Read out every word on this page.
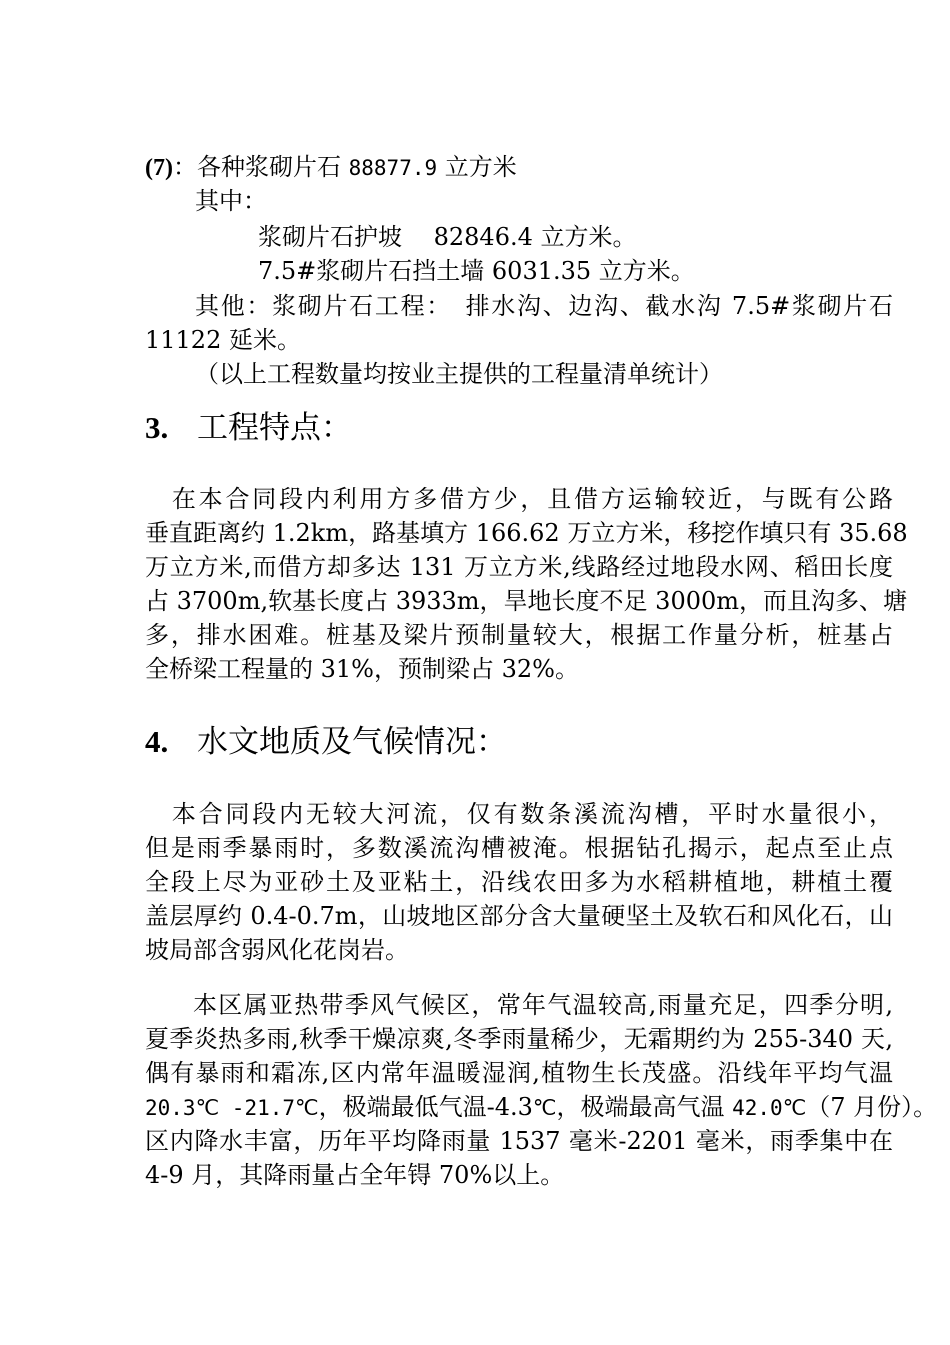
(7)：各种浆砌片石 88877.9 立方米
其中：
浆砌片石护坡　 82846.4 立方米。
7.5#浆砌片石挡土墙 6031.35 立方米。
其他：浆砌片石工程：　排水沟、边沟、截水沟 7.5#浆砌片石
11122 延米。
（以上工程数量均按业主提供的工程量清单统计）
3. 工程特点：
　在本合同段内利用方多借方少，且借方运输较近，与既有公路
垂直距离约 1.2km，路基填方 166.62 万立方米，移挖作填只有 35.68
万立方米,而借方却多达 131 万立方米,线路经过地段水网、稻田长度
占 3700m,软基长度占 3933m，旱地长度不足 3000m，而且沟多、塘
多，排水困难。桩基及梁片预制量较大，根据工作量分析，桩基占
全桥梁工程量的 31%，预制梁占 32%。
4. 水文地质及气候情况：
　本合同段内无较大河流，仅有数条溪流沟槽，平时水量很小，
但是雨季暴雨时，多数溪流沟槽被淹。根据钻孔揭示，起点至止点
全段上尽为亚砂土及亚粘土，沿线农田多为水稻耕植地，耕植土覆
盖层厚约 0.4-0.7m，山坡地区部分含大量硬坚土及软石和风化石，山
坡局部含弱风化花岗岩。
本区属亚热带季风气候区，常年气温较高,雨量充足，四季分明,
夏季炎热多雨,秋季干燥凉爽,冬季雨量稀少，无霜期约为 255-340 天,
偶有暴雨和霜冻,区内常年温暖湿润,植物生长茂盛。沿线年平均气温
20.3℃ -21.7℃，极端最低气温-4.3℃，极端最高气温 42.0℃（7 月份）。
区内降水丰富，历年平均降雨量 1537 毫米-2201 毫米，雨季集中在
4-9 月，其降雨量占全年锝 70%以上。
